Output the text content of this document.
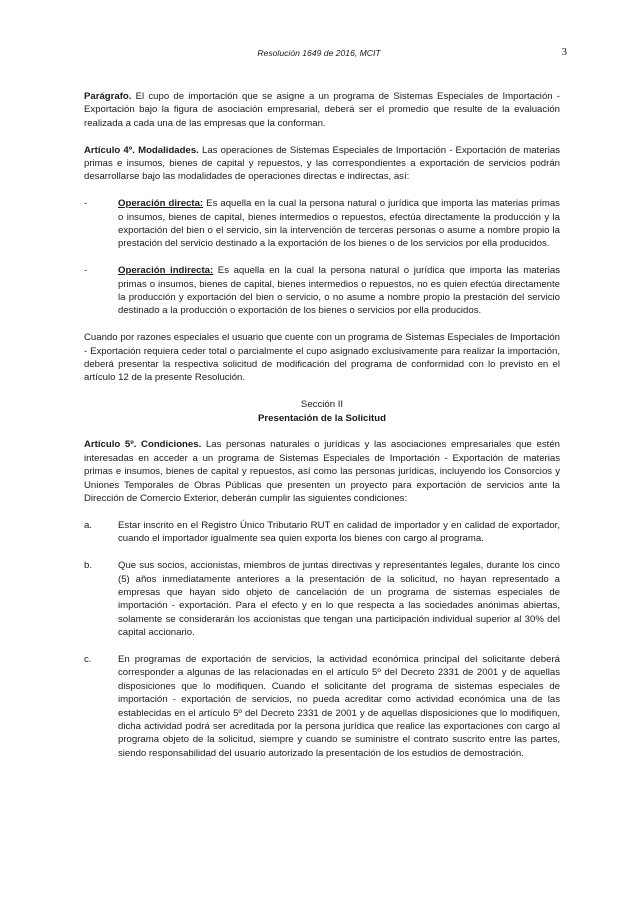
Resolución 1649 de 2016, MCIT	3

Parágrafo. El cupo de importación que se asigne a un programa de Sistemas Especiales de Importación - Exportación bajo la figura de asociación empresarial, deberá ser el promedio que resulte de la evaluación realizada a cada una de las empresas que la conforman.

Artículo 4º. Modalidades. Las operaciones de Sistemas Especiales de Importación - Exportación de materias primas e insumos, bienes de capital y repuestos, y las correspondientes a exportación de servicios podrán desarrollarse bajo las modalidades de operaciones directas e indirectas, así:

-	Operación directa: Es aquella en la cual la persona natural o jurídica que importa las materias primas o insumos, bienes de capital, bienes intermedios o repuestos, efectúa directamente la producción y la exportación del bien o el servicio, sin la intervención de terceras personas o asume a nombre propio la prestación del servicio destinado a la exportación de los bienes o de los servicios por ella producidos.
-	Operación indirecta: Es aquella en la cual la persona natural o jurídica que importa las materias primas o insumos, bienes de capital, bienes intermedios o repuestos, no es quien efectúa directamente la producción y exportación del bien o servicio, o no asume a nombre propio la prestación del servicio destinado a la producción o exportación de los bienes o servicios por ella producidos.

Cuando por razones especiales el usuario que cuente con un programa de Sistemas Especiales de Importación - Exportación requiera ceder total o parcialmente el cupo asignado exclusivamente para realizar la importación, deberá presentar la respectiva solicitud de modificación del programa de conformidad con lo previsto en el artículo 12 de la presente Resolución.

Sección II
Presentación de la Solicitud

Artículo 5º. Condiciones. Las personas naturales o jurídicas y las asociaciones empresariales que estén interesadas en acceder a un programa de Sistemas Especiales de Importación - Exportación de materias primas e insumos, bienes de capital y repuestos, así como las personas jurídicas, incluyendo los Consorcios y Uniones Temporales de Obras Públicas que presenten un proyecto para exportación de servicios ante la Dirección de Comercio Exterior, deberán cumplir las siguientes condiciones:

a.	Estar inscrito en el Registro Único Tributario RUT en calidad de importador y en calidad de exportador, cuando el importador igualmente sea quien exporta los bienes con cargo al programa.
b.	Que sus socios, accionistas, miembros de juntas directivas y representantes legales, durante los cinco (5) años inmediatamente anteriores a la presentación de la solicitud, no hayan representado a empresas que hayan sido objeto de cancelación de un programa de sistemas especiales de importación - exportación. Para el efecto y en lo que respecta a las sociedades anónimas abiertas, solamente se considerarán los accionistas que tengan una participación individual superior al 30% del capital accionario.
c.	En programas de exportación de servicios, la actividad económica principal del solicitante deberá corresponder a algunas de las relacionadas en el artículo 5º del Decreto 2331 de 2001 y de aquellas disposiciones que lo modifiquen. Cuando el solicitante del programa de sistemas especiales de importación - exportación de servicios, no pueda acreditar como actividad económica una de las establecidas en el artículo 5º del Decreto 2331 de 2001 y de aquellas disposiciones que lo modifiquen, dicha actividad podrá ser acreditada por la persona jurídica que realice las exportaciones con cargo al programa objeto de la solicitud, siempre y cuando se suministre el contrato suscrito entre las partes, siendo responsabilidad del usuario autorizado la presentación de los estudios de demostración.
